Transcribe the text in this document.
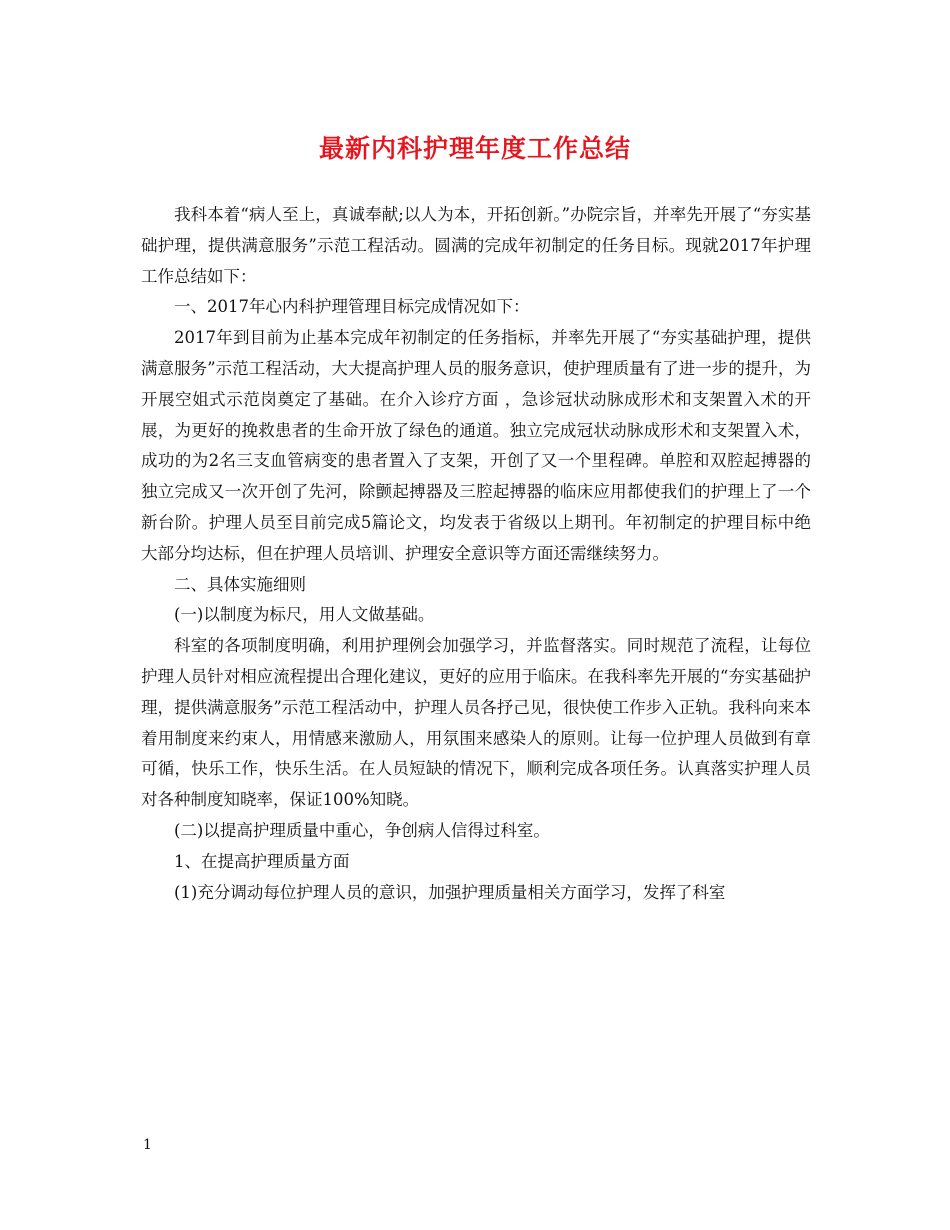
最新内科护理年度工作总结

我科本着“病人至上，真诚奉献;以人为本，开拓创新。”办院宗旨，并率先开展了“夯实基础护理，提供满意服务”示范工程活动。圆满的完成年初制定的任务目标。现就2017年护理工作总结如下：

一、2017年心内科护理管理目标完成情况如下：

2017年到目前为止基本完成年初制定的任务指标，并率先开展了“夯实基础护理，提供满意服务”示范工程活动，大大提高护理人员的服务意识，使护理质量有了进一步的提升，为开展空姐式示范岗奠定了基础。在介入诊疗方面 ，急诊冠状动脉成形术和支架置入术的开展，为更好的挽救患者的生命开放了绿色的通道。独立完成冠状动脉成形术和支架置入术，成功的为2名三支血管病变的患者置入了支架，开创了又一个里程碑。单腔和双腔起搏器的独立完成又一次开创了先河，除颤起搏器及三腔起搏器的临床应用都使我们的护理上了一个新台阶。护理人员至目前完成5篇论文，均发表于省级以上期刊。年初制定的护理目标中绝大部分均达标，但在护理人员培训、护理安全意识等方面还需继续努力。

二、具体实施细则

(一)以制度为标尺，用人文做基础。

科室的各项制度明确，利用护理例会加强学习，并监督落实。同时规范了流程，让每位护理人员针对相应流程提出合理化建议，更好的应用于临床。在我科率先开展的“夯实基础护理，提供满意服务”示范工程活动中，护理人员各抒己见，很快使工作步入正轨。我科向来本着用制度来约束人，用情感来激励人，用氛围来感染人的原则。让每一位护理人员做到有章可循，快乐工作，快乐生活。在人员短缺的情况下，顺利完成各项任务。认真落实护理人员对各种制度知晓率，保证100%知晓。

(二)以提高护理质量中重心，争创病人信得过科室。

1、在提高护理质量方面

(1)充分调动每位护理人员的意识，加强护理质量相关方面学习，发挥了科室

1
